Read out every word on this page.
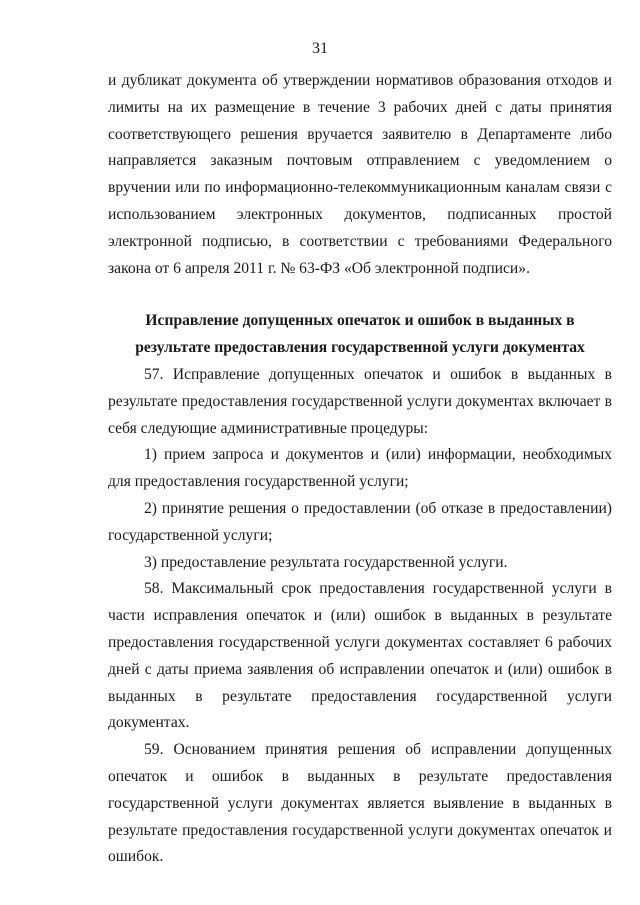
31

и дубликат документа об утверждении нормативов образования отходов и лимиты на их размещение в течение 3 рабочих дней с даты принятия соответствующего решения вручается заявителю в Департаменте либо направляется заказным почтовым отправлением с уведомлением о вручении или по информационно-телекоммуникационным каналам связи с использованием электронных документов, подписанных простой электронной подписью, в соответствии с требованиями Федерального закона от 6 апреля 2011 г. № 63-ФЗ «Об электронной подписи».

Исправление допущенных опечаток и ошибок в выданных в результате предоставления государственной услуги документах

57. Исправление допущенных опечаток и ошибок в выданных в результате предоставления государственной услуги документах включает в себя следующие административные процедуры:

1) прием запроса и документов и (или) информации, необходимых для предоставления государственной услуги;

2) принятие решения о предоставлении (об отказе в предоставлении) государственной услуги;

3) предоставление результата государственной услуги.

58. Максимальный срок предоставления государственной услуги в части исправления опечаток и (или) ошибок в выданных в результате предоставления государственной услуги документах составляет 6 рабочих дней с даты приема заявления об исправлении опечаток и (или) ошибок в выданных в результате предоставления государственной услуги документах.

59. Основанием принятия решения об исправлении допущенных опечаток и ошибок в выданных в результате предоставления государственной услуги документах является выявление в выданных в результате предоставления государственной услуги документах опечаток и ошибок.
